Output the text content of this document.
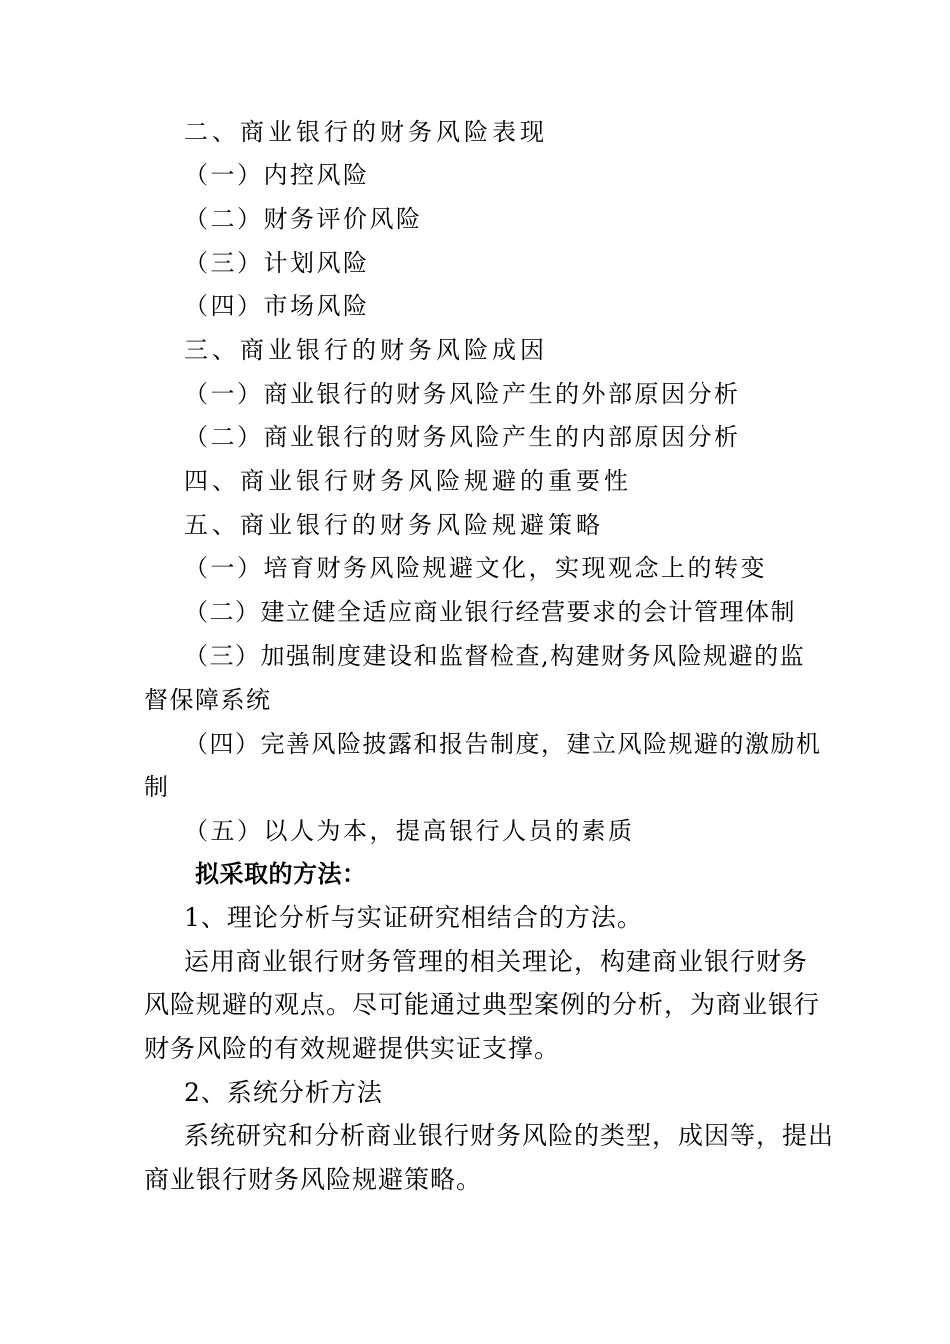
二、商业银行的财务风险表现
（一）内控风险
（二）财务评价风险
（三）计划风险
（四）市场风险
三、商业银行的财务风险成因
（一）商业银行的财务风险产生的外部原因分析
（二）商业银行的财务风险产生的内部原因分析
四、商业银行财务风险规避的重要性
五、商业银行的财务风险规避策略
（一）培育财务风险规避文化，实现观念上的转变
（二）建立健全适应商业银行经营要求的会计管理体制
（三）加强制度建设和监督检查,构建财务风险规避的监
督保障系统
（四）完善风险披露和报告制度，建立风险规避的激励机
制
（五）以人为本，提高银行人员的素质
拟采取的方法：
1、理论分析与实证研究相结合的方法。
运用商业银行财务管理的相关理论，构建商业银行财务
风险规避的观点。尽可能通过典型案例的分析，为商业银行
财务风险的有效规避提供实证支撑。
2、系统分析方法
系统研究和分析商业银行财务风险的类型，成因等，提出
商业银行财务风险规避策略。
